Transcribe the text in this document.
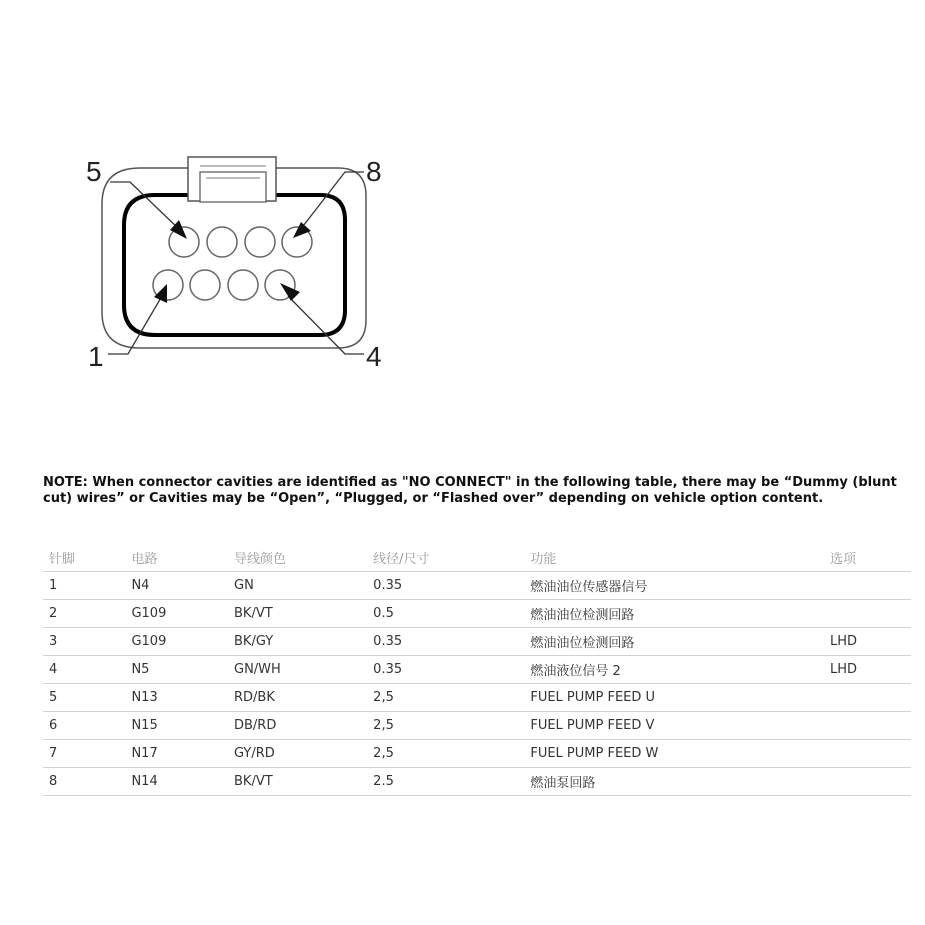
5	8
1	4
NOTE: When connector cavities are identified as "NO CONNECT" in the following table, there may be “Dummy (blunt cut) wires” or Cavities may be “Open”, “Plugged, or “Flashed over” depending on vehicle option content.
针脚	电路	导线颜色	线径/尺寸	功能	选项
1	N4	GN	0.35	燃油油位传感器信号	
2	G109	BK/VT	0.5	燃油油位检测回路	
3	G109	BK/GY	0.35	燃油油位检测回路	LHD
4	N5	GN/WH	0.35	燃油液位信号 2	LHD
5	N13	RD/BK	2,5	FUEL PUMP FEED U	
6	N15	DB/RD	2,5	FUEL PUMP FEED V	
7	N17	GY/RD	2,5	FUEL PUMP FEED W	
8	N14	BK/VT	2.5	燃油泵回路	
